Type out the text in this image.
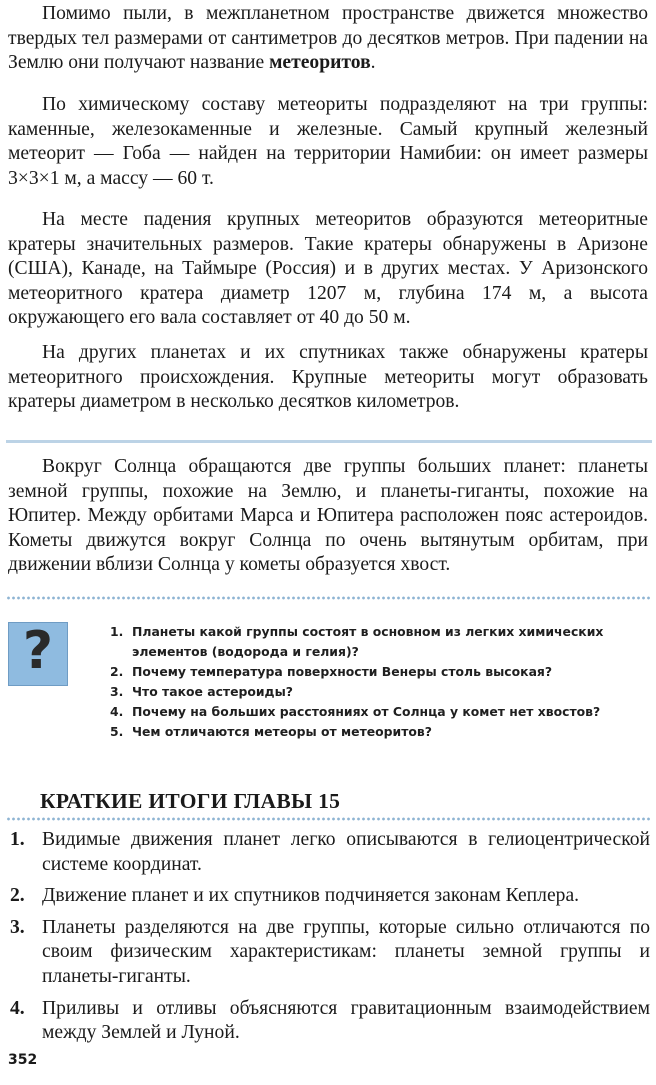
Помимо пыли, в межпланетном пространстве движется множество твердых тел размерами от сантиметров до десятков метров. При падении на Землю они получают название метеоритов.

По химическому составу метеориты подразделяют на три группы: каменные, железокаменные и железные. Самый крупный железный метеорит — Гоба — найден на территории Намибии: он имеет размеры 3×3×1 м, а массу — 60 т.

На месте падения крупных метеоритов образуются метеоритные кратеры значительных размеров. Такие кратеры обнаружены в Аризоне (США), Канаде, на Таймыре (Россия) и в других местах. У Аризонского метеоритного кратера диаметр 1207 м, глубина 174 м, а высота окружающего его вала составляет от 40 до 50 м.

На других планетах и их спутниках также обнаружены кратеры метеоритного происхождения. Крупные метеориты могут образовать кратеры диаметром в несколько десятков километров.

Вокруг Солнца обращаются две группы больших планет: планеты земной группы, похожие на Землю, и планеты-гиганты, похожие на Юпитер. Между орбитами Марса и Юпитера расположен пояс астероидов. Кометы движутся вокруг Солнца по очень вытянутым орбитам, при движении вблизи Солнца у кометы образуется хвост.

?	1. Планеты какой группы состоят в основном из легких химических элементов (водорода и гелия)?
2. Почему температура поверхности Венеры столь высокая?
3. Что такое астероиды?
4. Почему на больших расстояниях от Солнца у комет нет хвостов?
5. Чем отличаются метеоры от метеоритов?
КРАТКИЕ ИТОГИ ГЛАВЫ 15
1. Видимые движения планет легко описываются в гелиоцентрической системе координат.
2. Движение планет и их спутников подчиняется законам Кеплера.
3. Планеты разделяются на две группы, которые сильно отличаются по своим физическим характеристикам: планеты земной группы и планеты-гиганты.
4. Приливы и отливы объясняются гравитационным взаимодействием между Землей и Луной.
352
